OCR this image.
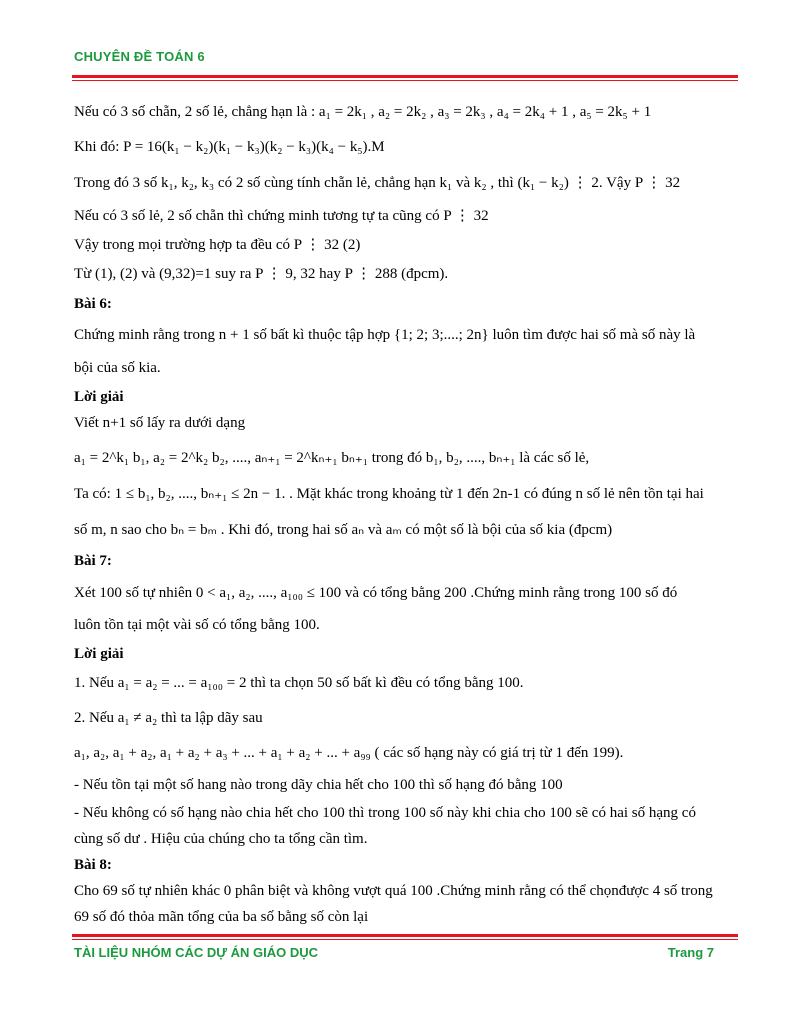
CHUYÊN ĐỀ TOÁN 6
Nếu có 3 số chẵn, 2 số lẻ, chẳng hạn là : a₁ = 2k₁ , a₂ = 2k₂ , a₃ = 2k₃ , a₄ = 2k₄ + 1 , a₅ = 2k₅ + 1
Khi đó: P = 16(k₁ − k₂)(k₁ − k₃)(k₂ − k₃)(k₄ − k₅).M
Trong đó 3 số k₁, k₂, k₃ có 2 số cùng tính chẵn lẻ, chẳng hạn k₁ và k₂ , thì (k₁ − k₂) ⋮ 2. Vậy P ⋮ 32
Nếu có 3 số lẻ, 2 số chẵn thì chứng minh tương tự ta cũng có P ⋮ 32
Vậy trong mọi trường hợp ta đều có P ⋮ 32 (2)
Từ (1), (2) và (9,32)=1 suy ra P ⋮ 9, 32 hay P ⋮ 288 (đpcm).
Bài 6:
Chứng minh rằng trong n + 1 số bất kì thuộc tập hợp {1; 2; 3;....; 2n} luôn tìm được hai số mà số này là
bội của số kia.
Lời giải
Viết n+1 số lấy ra dưới dạng
a₁ = 2^k₁ b₁, a₂ = 2^k₂ b₂, ...., aₙ₊₁ = 2^kₙ₊₁ bₙ₊₁ trong đó b₁, b₂, ...., bₙ₊₁ là các số lẻ,
Ta có: 1 ≤ b₁, b₂, ...., bₙ₊₁ ≤ 2n − 1. . Mặt khác trong khoảng từ 1 đến 2n-1 có đúng n số lẻ nên tồn tại hai
số m, n sao cho bₙ = bₘ . Khi đó, trong hai số aₙ và aₘ có một số là bội của số kia (đpcm)
Bài 7:
Xét 100 số tự nhiên 0 < a₁, a₂, ...., a₁₀₀ ≤ 100 và có tổng bằng 200 .Chứng minh rằng trong 100 số đó
luôn tồn tại một vài số có tổng bằng 100.
Lời giải
1. Nếu a₁ = a₂ = ... = a₁₀₀ = 2 thì ta chọn 50 số bất kì đều có tổng bằng 100.
2. Nếu a₁ ≠ a₂ thì ta lập dãy sau
a₁, a₂, a₁ + a₂, a₁ + a₂ + a₃ + ... + a₁ + a₂ + ... + a₉₉ ( các số hạng này có giá trị từ 1 đến 199).
- Nếu tồn tại một số hang nào trong dãy chia hết cho 100 thì số hạng đó bằng 100
- Nếu không có số hạng nào chia hết cho 100 thì trong 100 số này khi chia cho 100 sẽ có hai số hạng có
cùng số dư . Hiệu của chúng cho ta tổng cần tìm.
Bài 8:
Cho 69 số tự nhiên khác 0 phân biệt và không vượt quá 100 .Chứng minh rằng có thể chọnđược 4 số trong
69 số đó thỏa mãn tổng của ba số bằng số còn lại
TÀI LIỆU NHÓM CÁC DỰ ÁN GIÁO DỤC	Trang 7
